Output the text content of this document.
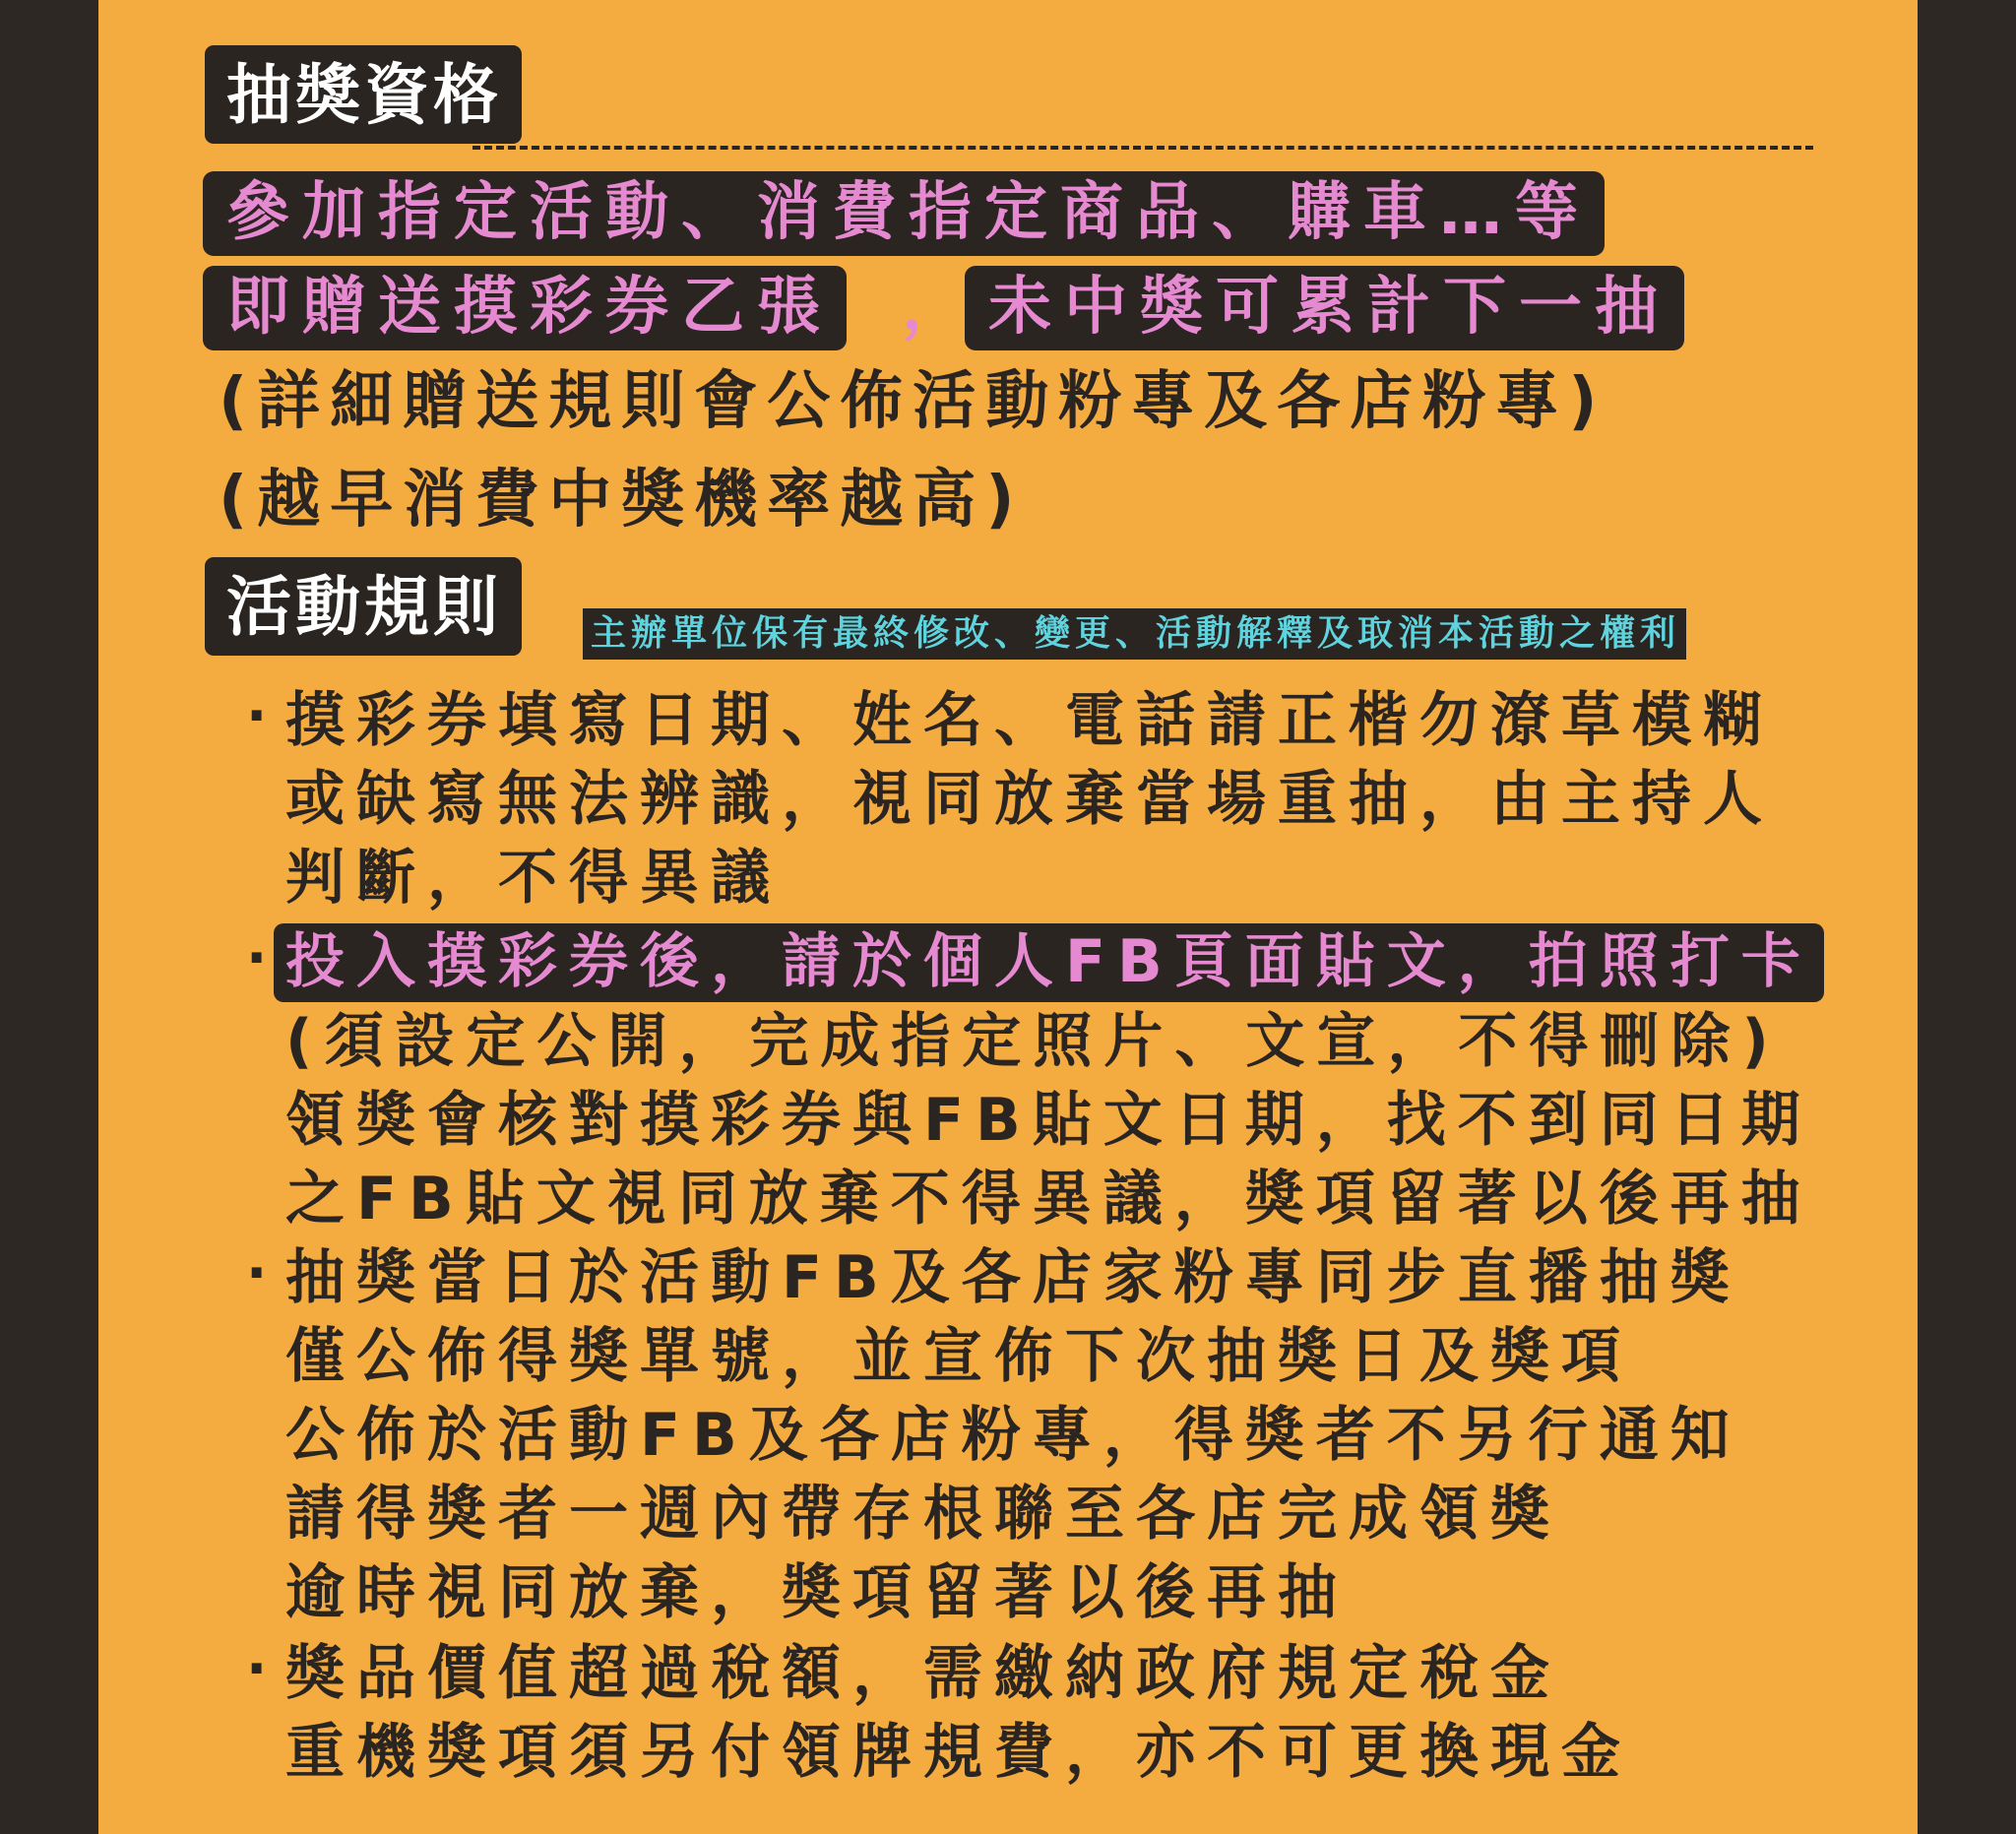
抽獎資格
參加指定活動、消費指定商品、購車…等
即贈送摸彩券乙張 ， 未中獎可累計下一抽
(詳細贈送規則會公佈活動粉專及各店粉專)
(越早消費中獎機率越高)
活動規則	主辦單位保有最終修改、變更、活動解釋及取消本活動之權利
· 摸彩券填寫日期、姓名、電話請正楷勿潦草模糊
或缺寫無法辨識，視同放棄當場重抽，由主持人
判斷，不得異議
· 投入摸彩券後，請於個人FB頁面貼文，拍照打卡
(須設定公開，完成指定照片、文宣，不得刪除)
領獎會核對摸彩券與FB貼文日期，找不到同日期
之FB貼文視同放棄不得異議，獎項留著以後再抽
· 抽獎當日於活動FB及各店家粉專同步直播抽獎
僅公佈得獎單號，並宣佈下次抽獎日及獎項
公佈於活動FB及各店粉專，得獎者不另行通知
請得獎者一週內帶存根聯至各店完成領獎
逾時視同放棄，獎項留著以後再抽
· 獎品價值超過稅額，需繳納政府規定稅金
重機獎項須另付領牌規費，亦不可更換現金
